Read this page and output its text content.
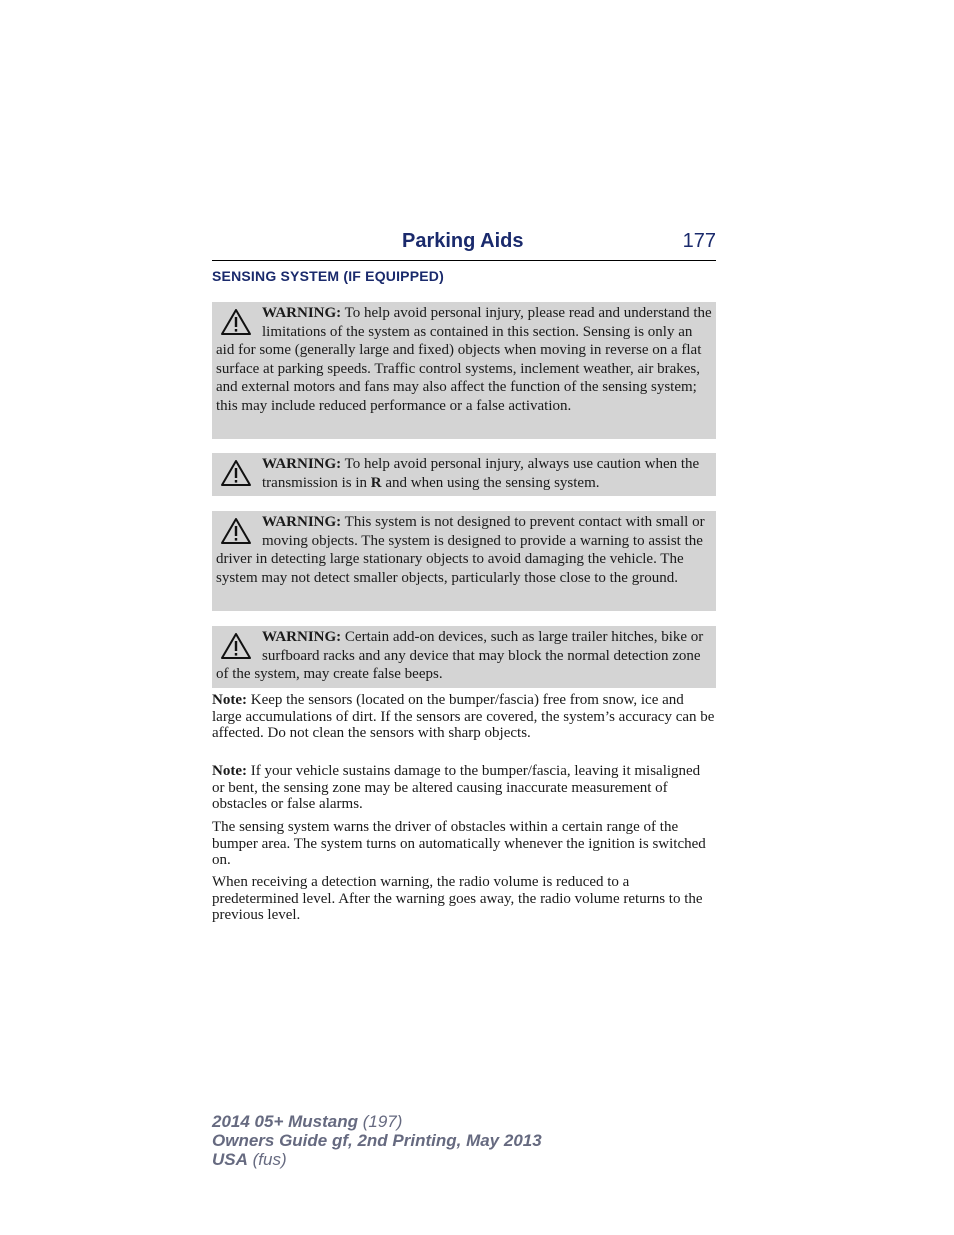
Parking Aids	177
SENSING SYSTEM (IF EQUIPPED)
WARNING: To help avoid personal injury, please read and understand the limitations of the system as contained in this section. Sensing is only an aid for some (generally large and fixed) objects when moving in reverse on a flat surface at parking speeds. Traffic control systems, inclement weather, air brakes, and external motors and fans may also affect the function of the sensing system; this may include reduced performance or a false activation.
WARNING: To help avoid personal injury, always use caution when the transmission is in R and when using the sensing system.
WARNING: This system is not designed to prevent contact with small or moving objects. The system is designed to provide a warning to assist the driver in detecting large stationary objects to avoid damaging the vehicle. The system may not detect smaller objects, particularly those close to the ground.
WARNING: Certain add-on devices, such as large trailer hitches, bike or surfboard racks and any device that may block the normal detection zone of the system, may create false beeps.
Note: Keep the sensors (located on the bumper/fascia) free from snow, ice and large accumulations of dirt. If the sensors are covered, the system’s accuracy can be affected. Do not clean the sensors with sharp objects.
Note: If your vehicle sustains damage to the bumper/fascia, leaving it misaligned or bent, the sensing zone may be altered causing inaccurate measurement of obstacles or false alarms.
The sensing system warns the driver of obstacles within a certain range of the bumper area. The system turns on automatically whenever the ignition is switched on.
When receiving a detection warning, the radio volume is reduced to a predetermined level. After the warning goes away, the radio volume returns to the previous level.
2014 05+ Mustang (197)
Owners Guide gf, 2nd Printing, May 2013
USA (fus)
